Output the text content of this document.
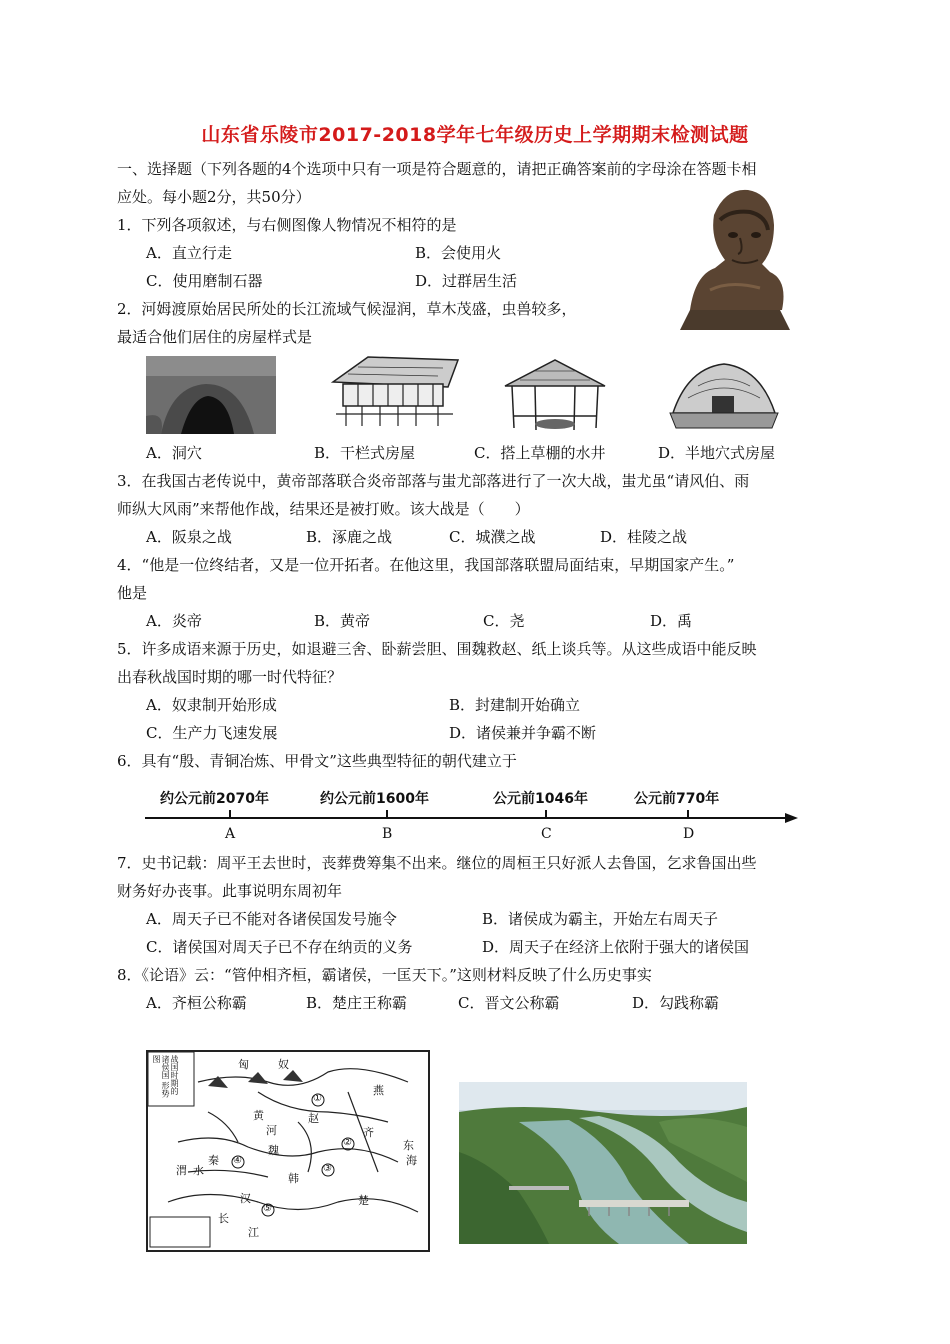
山东省乐陵市2017-2018学年七年级历史上学期期末检测试题
一、选择题（下列各题的4个选项中只有一项是符合题意的，请把正确答案前的字母涂在答题卡相
应处。每小题2分，共50分）
1．下列各项叙述，与右侧图像人物情况不相符的是
A．直立行走	B．会使用火
C．使用磨制石器	D．过群居生活
2．河姆渡原始居民所处的长江流域气候湿润，草木茂盛，虫兽较多，
最适合他们居住的房屋样式是
A．洞穴	B．干栏式房屋	C．搭上草棚的水井	D．半地穴式房屋
3．在我国古老传说中，黄帝部落联合炎帝部落与蚩尤部落进行了一次大战，蚩尤虽“请风伯、雨
师纵大风雨”来帮他作战，结果还是被打败。该大战是（　　）
A．阪泉之战	B．涿鹿之战	C．城濮之战	D．桂陵之战
4．“他是一位终结者，又是一位开拓者。在他这里，我国部落联盟局面结束，早期国家产生。”
他是
A．炎帝	B．黄帝	C．尧	D．禹
5．许多成语来源于历史，如退避三舍、卧薪尝胆、围魏救赵、纸上谈兵等。从这些成语中能反映
出春秋战国时期的哪一时代特征？
A．奴隶制开始形成	B．封建制开始确立
C．生产力飞速发展	D．诸侯兼并争霸不断
6．具有“殷、青铜冶炼、甲骨文”这些典型特征的朝代建立于
约公元前2070年	约公元前1600年	公元前1046年	公元前770年
A	B	C	D
7．史书记载：周平王去世时，丧葬费筹集不出来。继位的周桓王只好派人去鲁国，乞求鲁国出些
财务好办丧事。此事说明东周初年
A．周天子已不能对各诸侯国发号施令	B．诸侯成为霸主，开始左右周天子
C．诸侯国对周天子已不存在纳贡的义务	D．周天子在经济上依附于强大的诸侯国
8．《论语》云：“管仲相齐桓，霸诸侯，一匡天下。”这则材料反映了什么历史事实
A．齐桓公称霸	B．楚庄王称霸	C．晋文公称霸	D．勾践称霸
战国时期的 诸侯国 形势图	匈	奴
赵
燕
齐
楚
韩
秦
魏
黄
河
渭 水
汉
长
江
东
海
①
②
③
④
⑤
